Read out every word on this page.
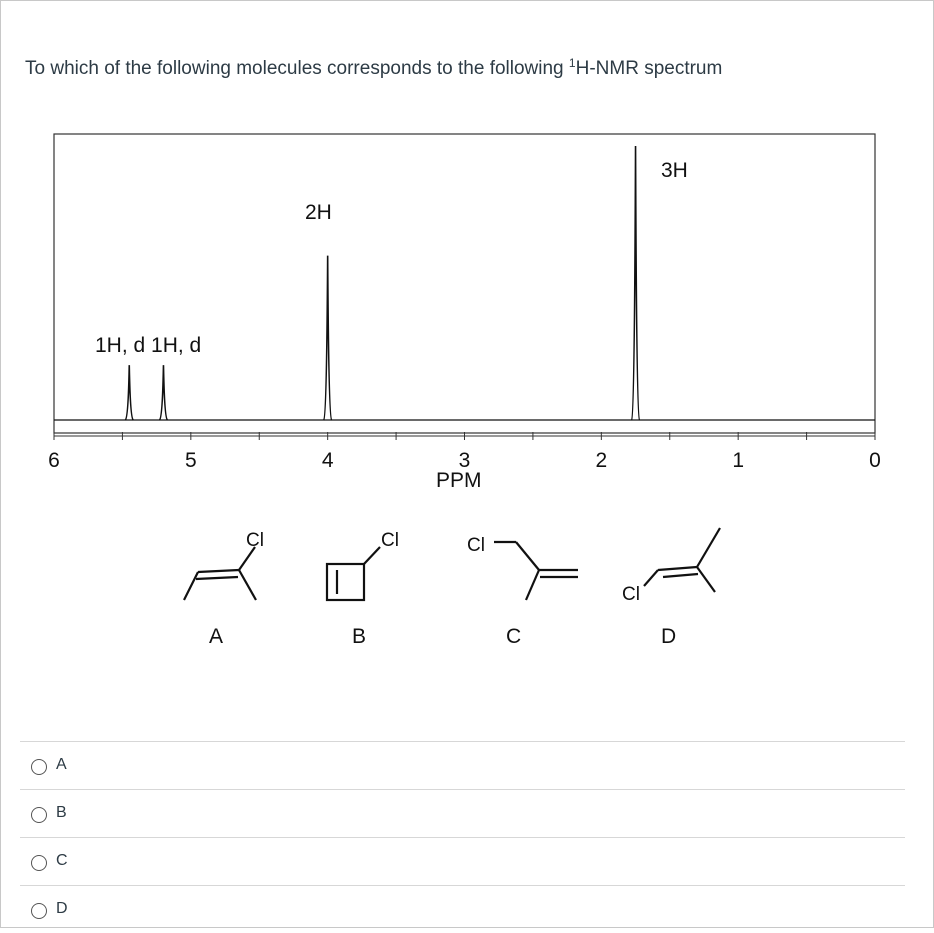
To which of the following molecules corresponds to the following $^1$H-NMR spectrum
6	5	4	3	2	1	0
1H, d 1H, d
2H
3H
PPM
Cl
A
Cl
B
Cl
C
Cl
D
A
B
C
D
